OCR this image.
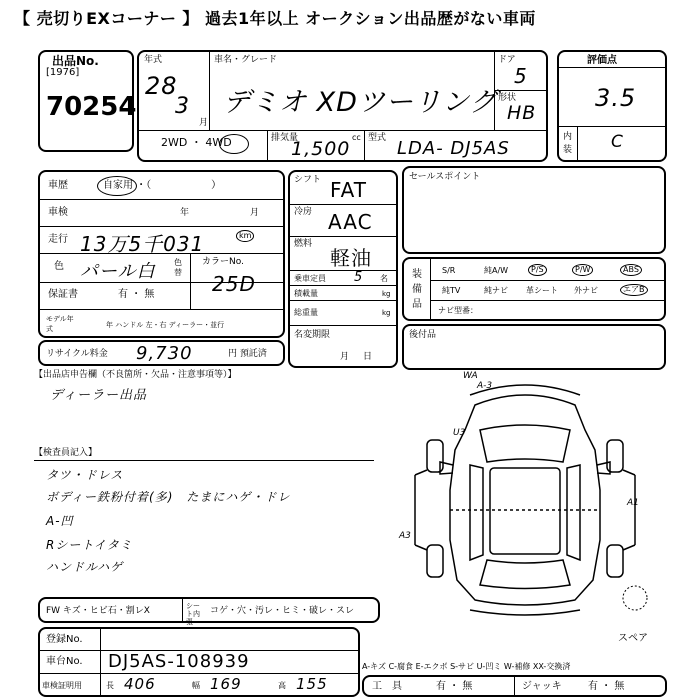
【 売切りEXコーナー 】 過去1年以上 オークション出品歴がない車両
出品No.
[1976]
70254
年式
28
3
月
車名・グレード
デミオ XDツーリング
ドア
5
形状
HB
2WD ・ 4WD	排気量
1,500
cc 型式 LDA- DJ5AS
評価点
3.5
内
装 C
車歴	自家用 ・（　　　　　　）
車検	年	月
走行 13万5千031	km
色 パール白 色替
カラーNo.
25D
保証書	有 ・ 無
モデル年式	年 ハンドル 左・右 ディーラー・並行
シフト FAT
冷房 AAC
燃料
軽油
乗車定員 5 名
積載量	kg
総重量	kg
名変期限
月日
セールスポイント
装備品
S/R	純A/W	P/S	P/W	ABS
純TV	純ナビ 革シート 外ナビ	エアB
ナビ型番：
後付品
リサイクル料金 9,730	円 預託済
【出品店申告欄（不良箇所・欠品・注意事項等）】
ディーラー出品
【検査員記入】
タツ・ドレス
ボディー鉄粉付着(多)　たまにハゲ・ドレ
A-凹
Rシートイタミ
ハンドルハゲ
WA
A-3
U3
A1
A3
スペア
FW キズ・ヒビ石・割レX	シート内張
コゲ・穴・汚レ・ヒミ・破レ・スレ
登録No.
車台No. DJ5AS-108939
車検証明用	長 406	幅 169	高 155
A-キズ C-腐食 E-エクボ S-サビ U-凹ミ W-補修 XX-交換済
工　具	有 ・ 無	ジャッキ	有 ・ 無
